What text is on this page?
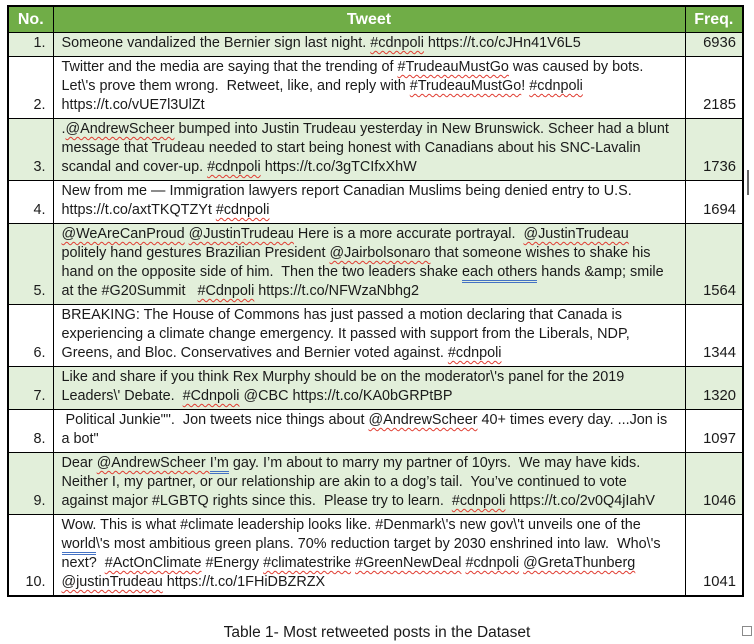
No.	Tweet	Freq.
1.	Someone vandalized the Bernier sign last night. #cdnpoli https://t.co/cJHn41V6L5	6936
2.	Twitter and the media are saying that the trending of #TrudeauMustGo was caused by bots. Let\'s prove them wrong.  Retweet, like, and reply with #TrudeauMustGo! #cdnpoli https://t.co/vUE7l3UlZt	2185
3.	.@AndrewScheer bumped into Justin Trudeau yesterday in New Brunswick. Scheer had a blunt message that Trudeau needed to start being honest with Canadians about his SNC-Lavalin scandal and cover-up. #cdnpoli https://t.co/3gTCIfxXhW	1736
4.	New from me — Immigration lawyers report Canadian Muslims being denied entry to U.S. https://t.co/axtTKQTZYt #cdnpoli	1694
5.	@WeAreCanProud @JustinTrudeau Here is a more accurate portrayal.  @JustinTrudeau politely hand gestures Brazilian President @Jairbolsonaro that someone wishes to shake his hand on the opposite side of him.  Then the two leaders shake each others hands &amp; smile at the #G20Summit   #Cdnpoli https://t.co/NFWzaNbhg2	1564
6.	BREAKING: The House of Commons has just passed a motion declaring that Canada is experiencing a climate change emergency. It passed with support from the Liberals, NDP, Greens, and Bloc. Conservatives and Bernier voted against. #cdnpoli	1344
7.	Like and share if you think Rex Murphy should be on the moderator\'s panel for the 2019 Leaders\' Debate.  #Cdnpoli @CBC https://t.co/KA0bGRPtBP	1320
8.	Political Junkie"".  Jon tweets nice things about @AndrewScheer 40+ times every day. ...Jon is a bot"	1097
9.	Dear @AndrewScheer I’m gay. I’m about to marry my partner of 10yrs.  We may have kids.  Neither I, my partner, or our relationship are akin to a dog’s tail.  You’ve continued to vote against major #LGBTQ rights since this.  Please try to learn.  #cdnpoli https://t.co/2v0Q4jIahV	1046
10.	Wow. This is what #climate leadership looks like. #Denmark\'s new gov\'t unveils one of the world\'s most ambitious green plans. 70% reduction target by 2030 enshrined into law.  Who\'s next?  #ActOnClimate #Energy #climatestrike #GreenNewDeal #cdnpoli @GretaThunberg @justinTrudeau https://t.co/1FHiDBZRZX	1041
Table 1- Most retweeted posts in the Dataset
